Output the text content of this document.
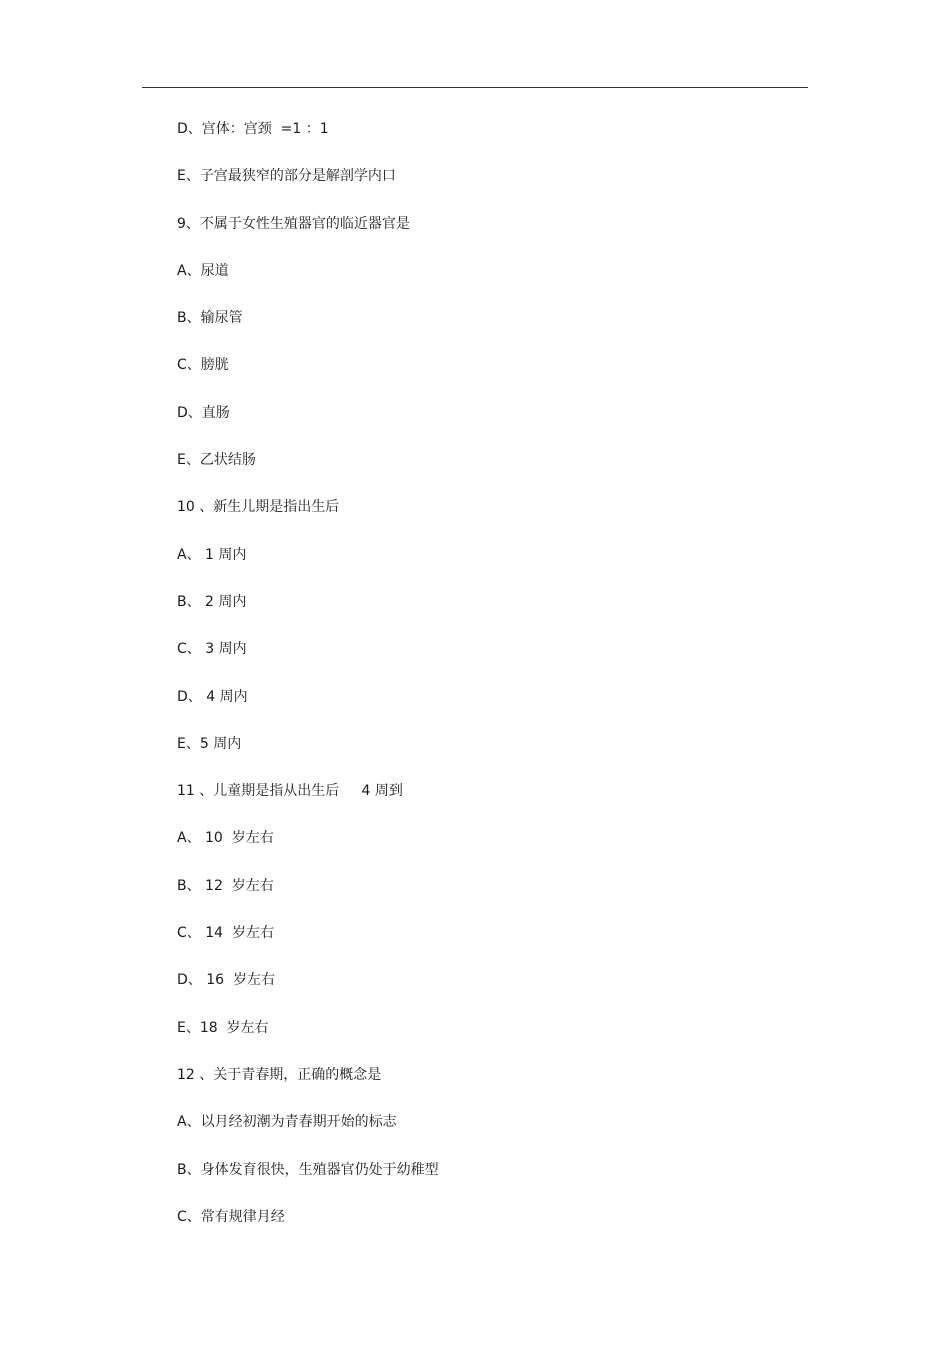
D、宫体：宫颈  =1 ：1
E、子宫最狭窄的部分是解剖学内口
9、不属于女性生殖器官的临近器官是
A、尿道
B、输尿管
C、膀胱
D、直肠
E、乙状结肠
10 、新生儿期是指出生后
A、 1 周内
B、 2 周内
C、 3 周内
D、 4 周内
E、5 周内
11 、儿童期是指从出生后     4 周到
A、 10  岁左右
B、 12  岁左右
C、 14  岁左右
D、 16  岁左右
E、18  岁左右
12 、关于青春期，正确的概念是
A、以月经初潮为青春期开始的标志
B、身体发育很快，生殖器官仍处于幼稚型
C、常有规律月经
